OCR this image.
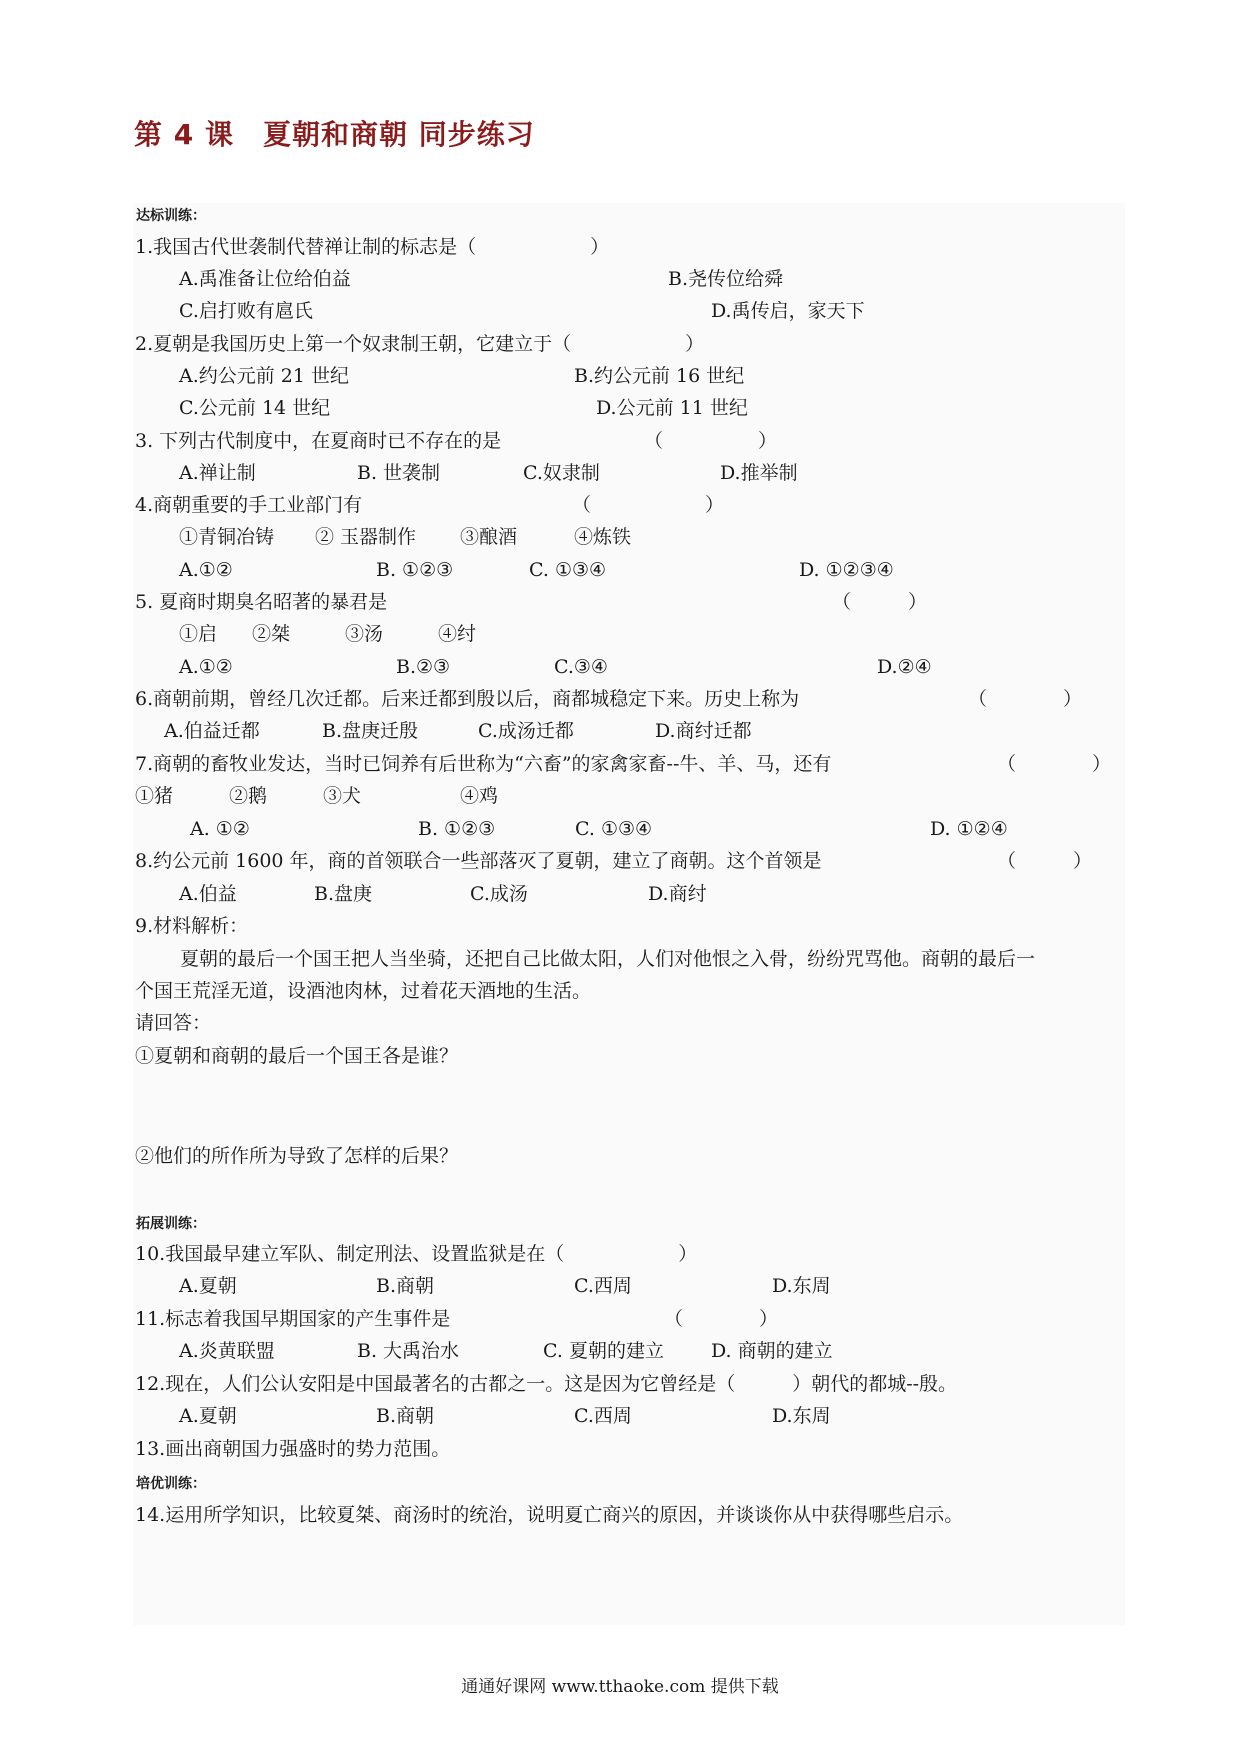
第 4 课　夏朝和商朝 同步练习
达标训练：
1.我国古代世袭制代替禅让制的标志是（　　　　　　）
A.禹准备让位给伯益	B.尧传位给舜
C.启打败有扈氏	D.禹传启，家天下
2.夏朝是我国历史上第一个奴隶制王朝，它建立于（　　　　　　）
A.约公元前 21 世纪	B.约公元前 16 世纪
C.公元前 14 世纪	D.公元前 11 世纪
3. 下列古代制度中，在夏商时已不存在的是	（　　　　　）
A.禅让制	B. 世袭制	C.奴隶制	D.推举制
4.商朝重要的手工业部门有	（　　　　　　）
①青铜冶铸 ② 玉器制作 ③酿酒	④炼铁
A.①②	B. ①②③	C. ①③④	D. ①②③④
5. 夏商时期臭名昭著的暴君是	（　　　）
①启 ②桀	③汤	④纣
A.①②	B.②③	C.③④	D.②④
6.商朝前期，曾经几次迁都。后来迁都到殷以后，商都城稳定下来。历史上称为	（　　　　）
A.伯益迁都	B.盘庚迁殷	C.成汤迁都	D.商纣迁都
7.商朝的畜牧业发达，当时已饲养有后世称为“六畜”的家禽家畜--牛、羊、马，还有	（　　　　）
①猪	②鹅	③犬	④鸡
A. ①②	B. ①②③	C. ①③④	D. ①②④
8.约公元前 1600 年，商的首领联合一些部落灭了夏朝，建立了商朝。这个首领是	（　　　）
A.伯益	B.盘庚	C.成汤	D.商纣
9.材料解析：
夏朝的最后一个国王把人当坐骑，还把自己比做太阳，人们对他恨之入骨，纷纷咒骂他。商朝的最后一
个国王荒淫无道，设酒池肉林，过着花天酒地的生活。
请回答：
①夏朝和商朝的最后一个国王各是谁？
②他们的所作所为导致了怎样的后果？
拓展训练：
10.我国最早建立军队、制定刑法、设置监狱是在（　　　　　　）
A.夏朝	B.商朝	C.西周	D.东周
11.标志着我国早期国家的产生事件是	（　　　　）
A.炎黄联盟	B. 大禹治水	C. 夏朝的建立 D. 商朝的建立
12.现在，人们公认安阳是中国最著名的古都之一。这是因为它曾经是（　　　）朝代的都城--殷。
A.夏朝	B.商朝	C.西周	D.东周
13.画出商朝国力强盛时的势力范围。
培优训练：
14.运用所学知识，比较夏桀、商汤时的统治，说明夏亡商兴的原因，并谈谈你从中获得哪些启示。
通通好课网 www.tthaoke.com 提供下载
